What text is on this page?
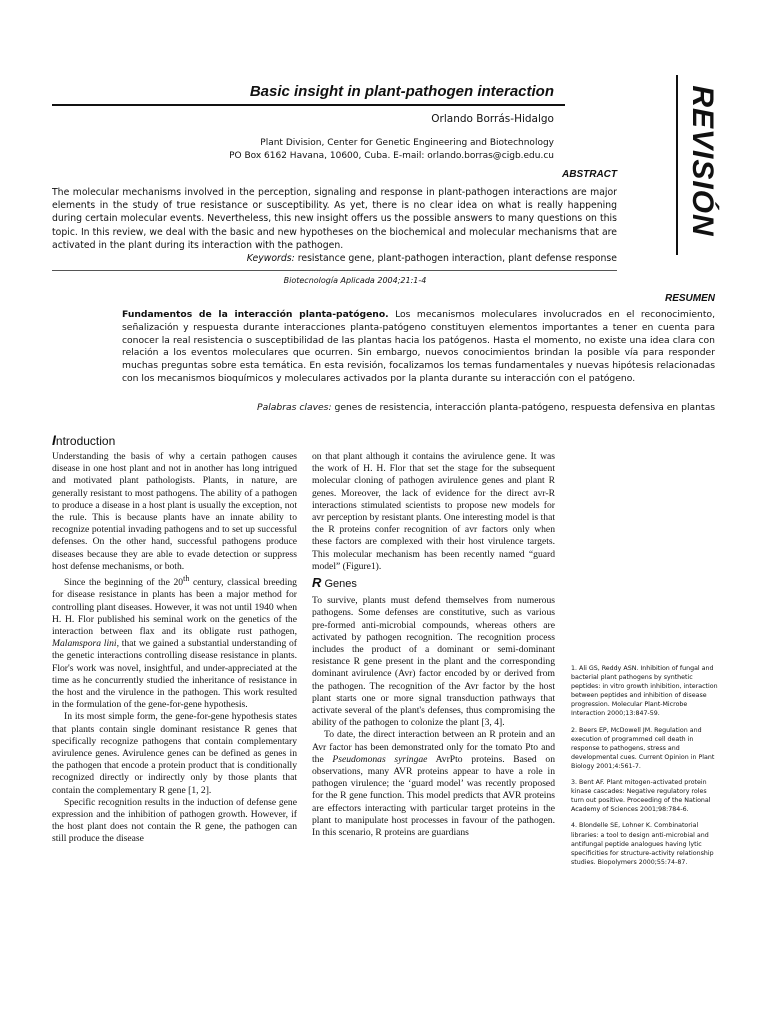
Basic insight in plant-pathogen interaction
Orlando Borrás-Hidalgo
Plant Division, Center for Genetic Engineering and Biotechnology
PO Box 6162 Havana, 10600, Cuba. E-mail: orlando.borras@cigb.edu.cu	REVISIÓN
ABSTRACT
The molecular mechanisms involved in the perception, signaling and response in plant-pathogen interactions are major elements in the study of true resistance or susceptibility. As yet, there is no clear idea on what is really happening during certain molecular events. Nevertheless, this new insight offers us the possible answers to many questions on this topic. In this review, we deal with the basic and new hypotheses on the biochemical and molecular mechanisms that are activated in the plant during its interaction with the pathogen.
Keywords: resistance gene, plant-pathogen interaction, plant defense response
Biotecnología Aplicada 2004;21:1-4
RESUMEN
Fundamentos de la interacción planta-patógeno. Los mecanismos moleculares involucrados en el reconocimiento, señalización y respuesta durante interacciones planta-patógeno constituyen elementos importantes a tener en cuenta para conocer la real resistencia o susceptibilidad de las plantas hacia los patógenos. Hasta el momento, no existe una idea clara con relación a los eventos moleculares que ocurren. Sin embargo, nuevos conocimientos brindan la posible vía para responder muchas preguntas sobre esta temática. En esta revisión, focalizamos los temas fundamentales y nuevas hipótesis relacionadas con los mecanismos bioquímicos y moleculares activados por la planta durante su interacción con el patógeno.
Palabras claves: genes de resistencia, interacción planta-patógeno, respuesta defensiva en plantas
Introduction

Understanding the basis of why a certain pathogen causes disease in one host plant and not in another has long intrigued and motivated plant pathologists. Plants, in nature, are generally resistant to most pathogens. The ability of a pathogen to produce a disease in a host plant is usually the exception, not the rule. This is because plants have an innate ability to recognize potential invading pathogens and to set up successful defenses. On the other hand, successful pathogens produce diseases because they are able to evade detection or suppress host defense mechanisms, or both.

Since the beginning of the 20th century, classical breeding for disease resistance in plants has been a major method for controlling plant diseases. However, it was not until 1940 when H. H. Flor published his seminal work on the genetics of the interaction between flax and its obligate rust pathogen, Malamspora lini, that we gained a substantial understanding of the genetic interactions controlling disease resistance in plants. Flor's work was novel, insightful, and under-appreciated at the time as he concurrently studied the inheritance of resistance in the host and the virulence in the pathogen. This work resulted in the formulation of the gene-for-gene hypothesis.

In its most simple form, the gene-for-gene hypothesis states that plants contain single dominant resistance R genes that specifically recognize pathogens that contain complementary avirulence genes. Avirulence genes can be defined as genes in the pathogen that encode a protein product that is conditionally recognized directly or indirectly only by those plants that contain the complementary R gene [1, 2].

Specific recognition results in the induction of defense gene expression and the inhibition of pathogen growth. However, if the host plant does not contain the R gene, the pathogen can still produce the disease

on that plant although it contains the avirulence gene. It was the work of H. H. Flor that set the stage for the subsequent molecular cloning of pathogen avirulence genes and plant R genes. Moreover, the lack of evidence for the direct avr-R interactions stimulated scientists to propose new models for avr perception by resistant plants. One interesting model is that the R proteins confer recognition of avr factors only when these factors are complexed with their host virulence targets. This molecular mechanism has been recently named “guard model” (Figure1).

R Genes

To survive, plants must defend themselves from numerous pathogens. Some defenses are constitutive, such as various pre-formed anti-microbial compounds, whereas others are activated by pathogen recognition. The recognition process includes the product of a dominant or semi-dominant resistance R gene present in the plant and the corresponding dominant avirulence (Avr) factor encoded by or derived from the pathogen. The recognition of the Avr factor by the host plant starts one or more signal transduction pathways that activate several of the plant's defenses, thus compromising the ability of the pathogen to colonize the plant [3, 4].

To date, the direct interaction between an R protein and an Avr factor has been demonstrated only for the tomato Pto and the Pseudomonas syringae AvrPto proteins. Based on observations, many AVR proteins appear to have a role in pathogen virulence; the ‘guard model’ was recently proposed for the R gene function. This model predicts that AVR proteins are effectors interacting with particular target proteins in the plant to manipulate host processes in favour of the pathogen. In this scenario, R proteins are guardians

1. Ali GS, Reddy ASN. Inhibition of fungal and bacterial plant pathogens by synthetic peptides: in vitro growth inhibition, interaction between peptides and inhibition of disease progression. Molecular Plant-Microbe Interaction 2000;13:847-59.
2. Beers EP, McDowell JM. Regulation and execution of programmed cell death in response to pathogens, stress and developmental cues. Current Opinion in Plant Biology 2001;4:561-7.
3. Bent AF. Plant mitogen-activated protein kinase cascades: Negative regulatory roles turn out positive. Proceeding of the National Academy of Sciences 2001;98:784-6.
4. Blondelle SE, Lohner K. Combinatorial libraries: a tool to design anti-microbial and antifungal peptide analogues having lytic specificities for structure-activity relationship studies. Biopolymers 2000;55:74-87.
